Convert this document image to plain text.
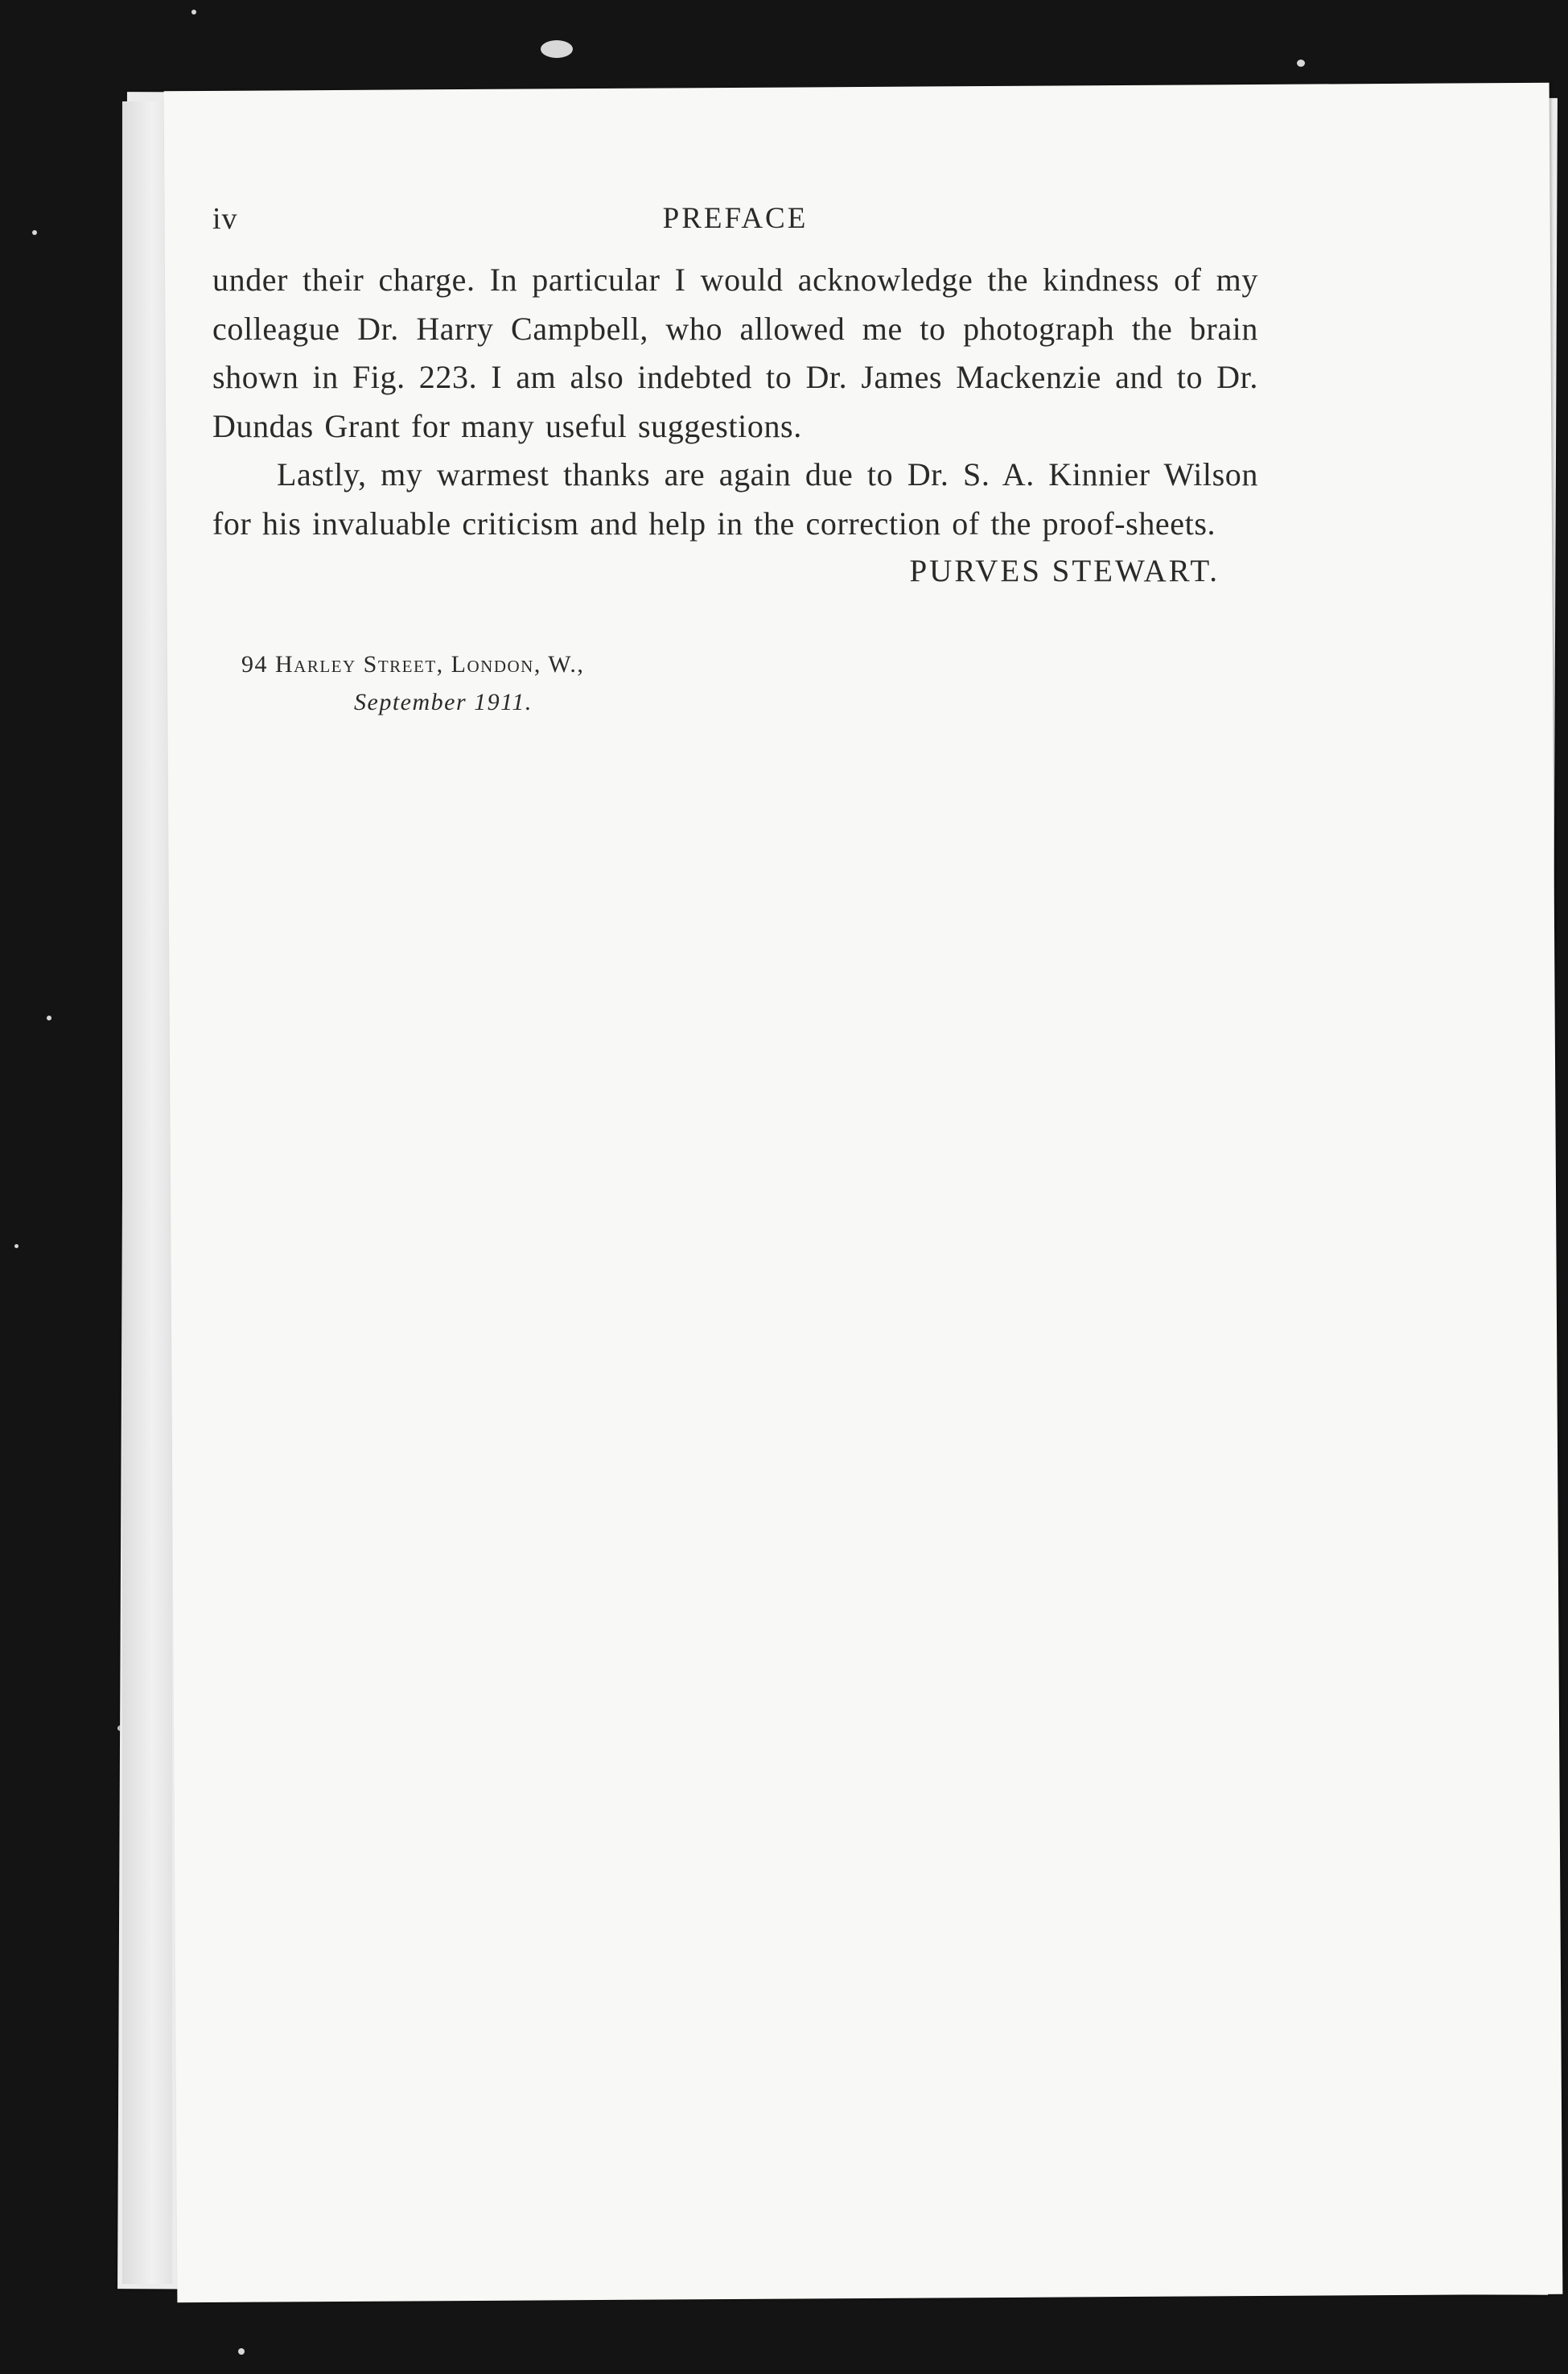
iv	PREFACE

under their charge. In particular I would acknowledge the kindness of my colleague Dr. Harry Campbell, who allowed me to photograph the brain shown in Fig. 223. I am also indebted to Dr. James Mackenzie and to Dr. Dundas Grant for many useful suggestions.

Lastly, my warmest thanks are again due to Dr. S. A. Kinnier Wilson for his invaluable criticism and help in the correction of the proof-sheets.

PURVES STEWART.
94 Harley Street, London, W.,
September 1911.
